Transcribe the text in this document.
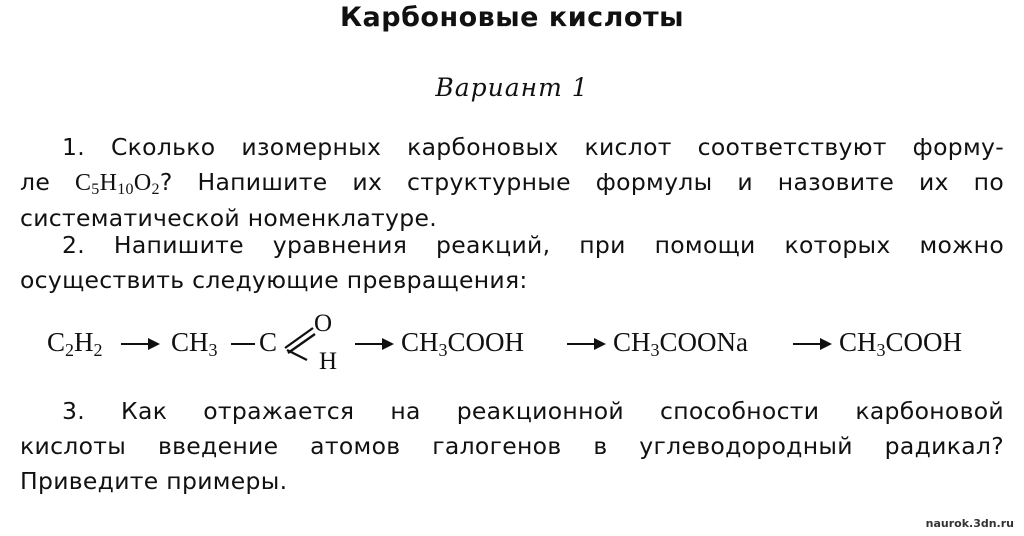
Карбоновые кислоты
Вариант 1
1. Сколько изомерных карбоновых кислот соответствуют форму-
ле $C_5H_{10}O_2$? Напишите их структурные формулы и назовите их по
систематической номенклатуре.
2. Напишите уравнения реакций, при помощи которых можно
осуществить следующие превращения:
$C_2H_2$	$CH_3$ C
O
H
$CH_3COOH$	$CH_3COONa$	$CH_3COOH$
3. Как отражается на реакционной способности карбоновой
кислоты введение атомов галогенов в углеводородный радикал?
Приведите примеры.
naurok.3dn.ru
